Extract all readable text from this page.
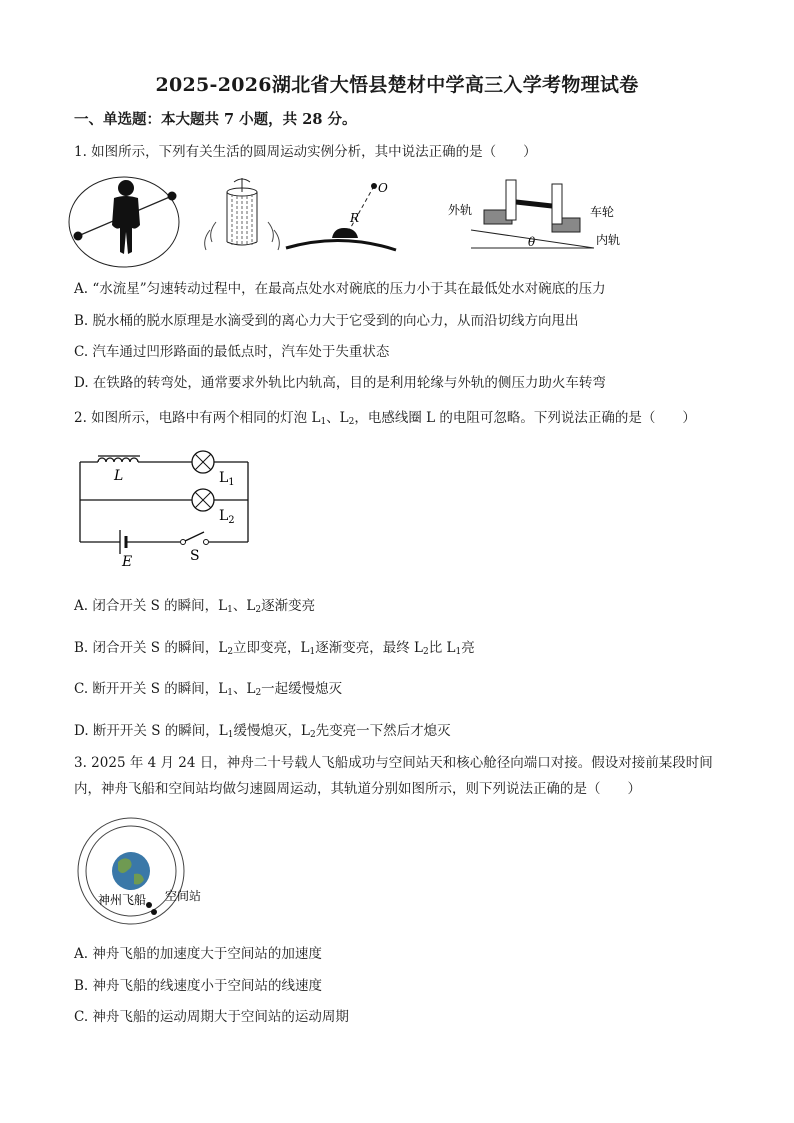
2025-2026湖北省大悟县楚材中学高三入学考物理试卷
一、单选题：本大题共 7 小题，共 28 分。
1. 如图所示，下列有关生活的圆周运动实例分析，其中说法正确的是（　　）
O
R
外轨	车轮
内轨
θ
A. “水流星”匀速转动过程中，在最高点处水对碗底的压力小于其在最低处水对碗底的压力
B. 脱水桶的脱水原理是水滴受到的离心力大于它受到的向心力，从而沿切线方向甩出
C. 汽车通过凹形路面的最低点时，汽车处于失重状态
D. 在铁路的转弯处，通常要求外轨比内轨高，目的是利用轮缘与外轨的侧压力助火车转弯
2. 如图所示，电路中有两个相同的灯泡 $L_1$、$L_2$，电感线圈 L 的电阻可忽略。下列说法正确的是（　　）
L	$L_1$
$L_2$
E	S
A. 闭合开关 S 的瞬间，$L_1$、$L_2$逐渐变亮
B. 闭合开关 S 的瞬间，$L_2$立即变亮，$L_1$逐渐变亮，最终 $L_2$比 $L_1$亮
C. 断开开关 S 的瞬间，$L_1$、$L_2$一起缓慢熄灭
D. 断开开关 S 的瞬间，$L_1$缓慢熄灭，$L_2$先变亮一下然后才熄灭
3. 2025 年 4 月 24 日，神舟二十号载人飞船成功与空间站天和核心舱径向端口对接。假设对接前某段时间内，神舟飞船和空间站均做匀速圆周运动，其轨道分别如图所示，则下列说法正确的是（　　）
神州飞船 空间站
A. 神舟飞船的加速度大于空间站的加速度
B. 神舟飞船的线速度小于空间站的线速度
C. 神舟飞船的运动周期大于空间站的运动周期
